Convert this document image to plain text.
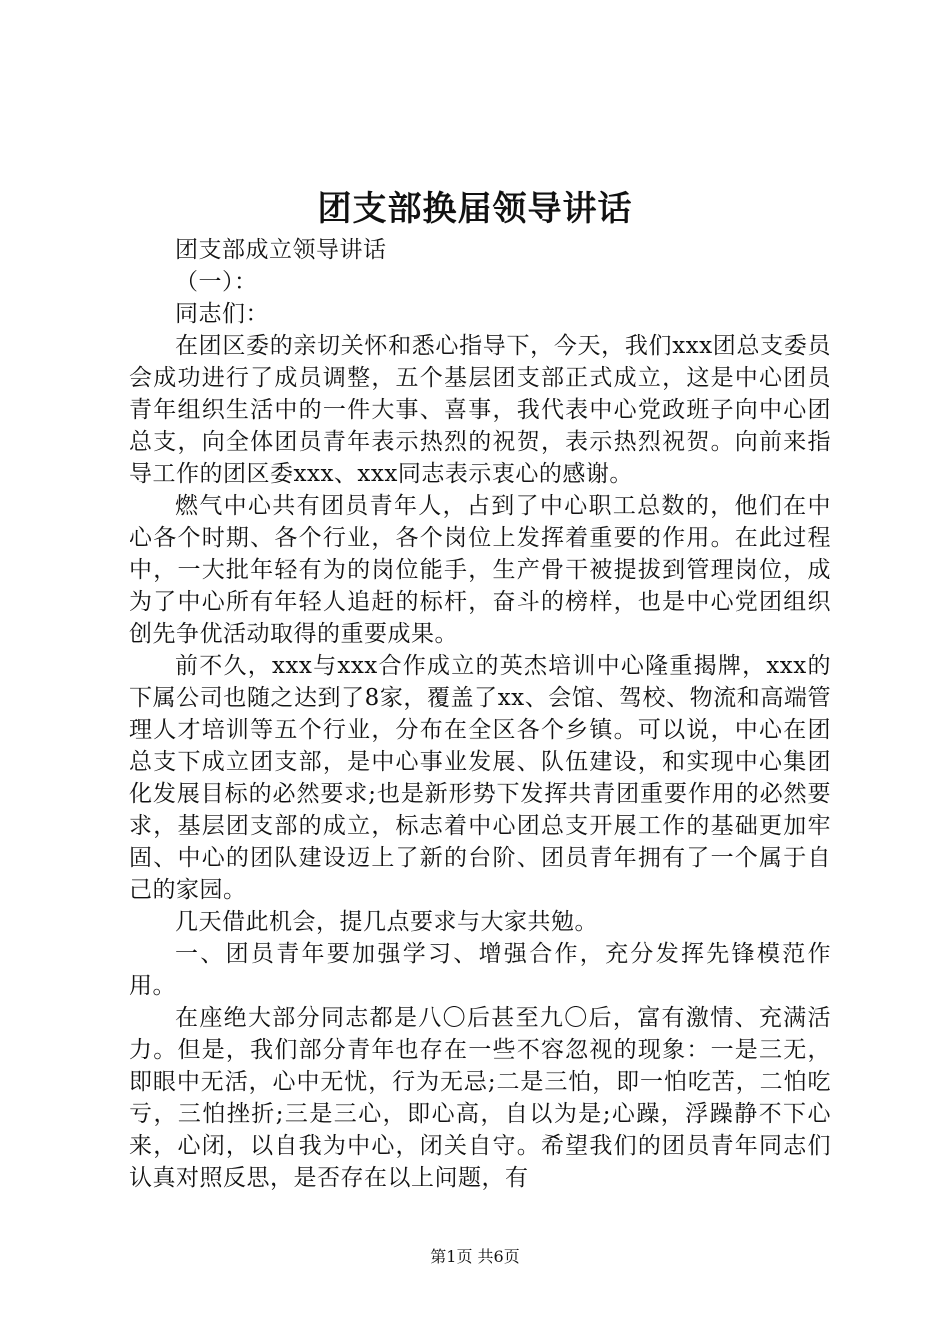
团支部换届领导讲话

团支部成立领导讲话

（一）：

同志们：

在团区委的亲切关怀和悉心指导下，今天，我们xxx团总支委员会成功进行了成员调整，五个基层团支部正式成立，这是中心团员青年组织生活中的一件大事、喜事，我代表中心党政班子向中心团总支，向全体团员青年表示热烈的祝贺，表示热烈祝贺。向前来指导工作的团区委xxx、xxx同志表示衷心的感谢。

燃气中心共有团员青年人，占到了中心职工总数的，他们在中心各个时期、各个行业，各个岗位上发挥着重要的作用。在此过程中，一大批年轻有为的岗位能手，生产骨干被提拔到管理岗位，成为了中心所有年轻人追赶的标杆，奋斗的榜样，也是中心党团组织创先争优活动取得的重要成果。

前不久，xxx与xxx合作成立的英杰培训中心隆重揭牌，xxx的下属公司也随之达到了8家，覆盖了xx、会馆、驾校、物流和高端管理人才培训等五个行业，分布在全区各个乡镇。可以说，中心在团总支下成立团支部，是中心事业发展、队伍建设，和实现中心集团化发展目标的必然要求;也是新形势下发挥共青团重要作用的必然要求，基层团支部的成立，标志着中心团总支开展工作的基础更加牢固、中心的团队建设迈上了新的台阶、团员青年拥有了一个属于自己的家园。

几天借此机会，提几点要求与大家共勉。

一、团员青年要加强学习、增强合作，充分发挥先锋模范作用。

在座绝大部分同志都是八〇后甚至九〇后，富有激情、充满活力。但是，我们部分青年也存在一些不容忽视的现象：一是三无，即眼中无活，心中无忧，行为无忌;二是三怕，即一怕吃苦，二怕吃亏，三怕挫折;三是三心，即心高，自以为是;心躁，浮躁静不下心来，心闭，以自我为中心，闭关自守。希望我们的团员青年同志们认真对照反思，是否存在以上问题，有

第1页 共6页
